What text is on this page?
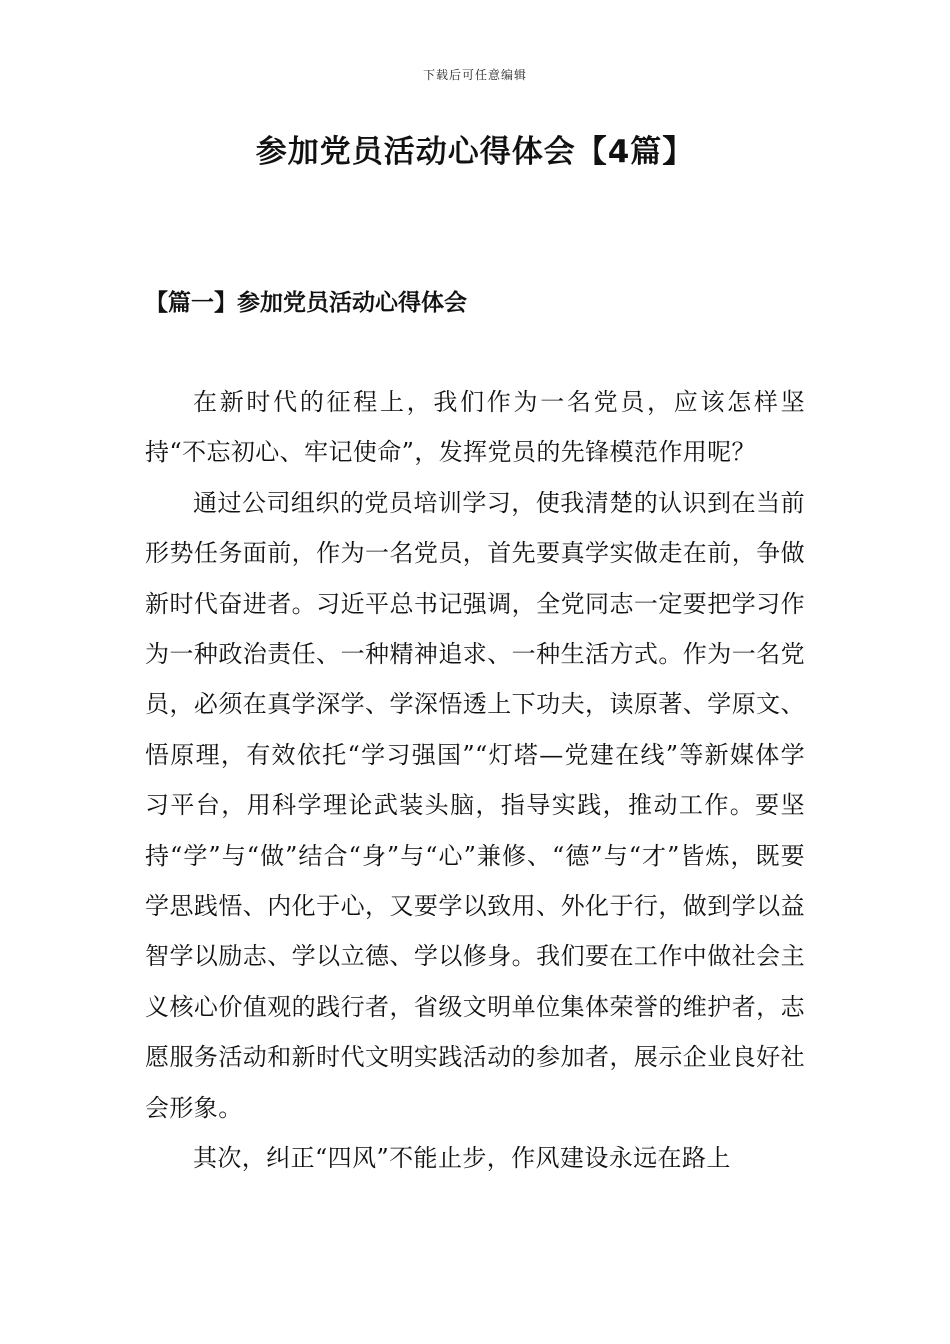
下载后可任意编辑
参加党员活动心得体会【4篇】
【篇一】参加党员活动心得体会

在新时代的征程上，我们作为一名党员，应该怎样坚持“不忘初心、牢记使命”，发挥党员的先锋模范作用呢？

通过公司组织的党员培训学习，使我清楚的认识到在当前形势任务面前，作为一名党员，首先要真学实做走在前，争做新时代奋进者。习近平总书记强调，全党同志一定要把学习作为一种政治责任、一种精神追求、一种生活方式。作为一名党员，必须在真学深学、学深悟透上下功夫，读原著、学原文、悟原理，有效依托“学习强国”“灯塔—党建在线”等新媒体学习平台，用科学理论武装头脑，指导实践，推动工作。要坚持“学”与“做”结合“身”与“心”兼修、“德”与“才”皆炼，既要学思践悟、内化于心，又要学以致用、外化于行，做到学以益智学以励志、学以立德、学以修身。我们要在工作中做社会主义核心价值观的践行者，省级文明单位集体荣誉的维护者，志愿服务活动和新时代文明实践活动的参加者，展示企业良好社会形象。

其次，纠正“四风”不能止步，作风建设永远在路上
